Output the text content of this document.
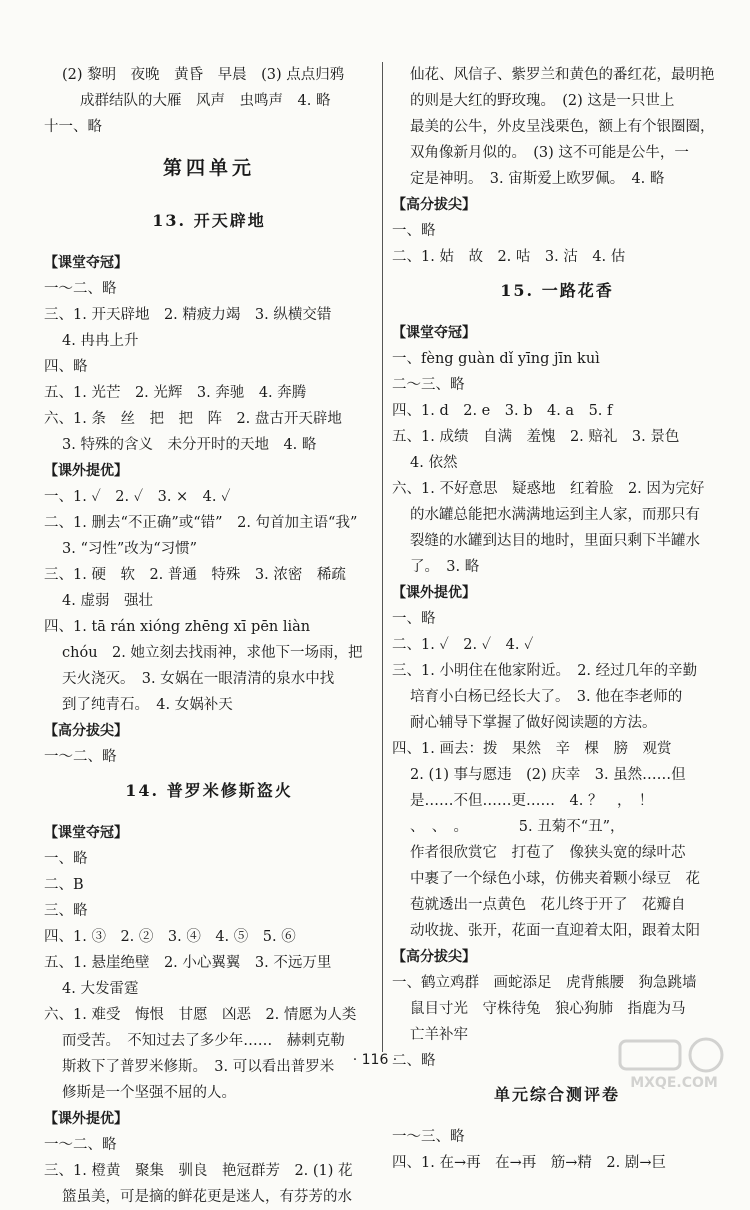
(2) 黎明　夜晚　黄昏　早晨　(3) 点点归鸦
成群结队的大雁　风声　虫鸣声　4. 略
十一、略
第四单元
13. 开天辟地
【课堂夺冠】
一～二、略
三、1. 开天辟地　2. 精疲力竭　3. 纵横交错
4. 冉冉上升
四、略
五、1. 光芒　2. 光辉　3. 奔驰　4. 奔腾
六、1. 条　丝　把　把　阵　2. 盘古开天辟地
3. 特殊的含义　未分开时的天地　4. 略
【课外提优】
一、1. ✓　2. ✓　3. ×　4. ✓
二、1. 删去“不正确”或“错”　2. 句首加主语“我”
3. “习性”改为“习惯”
三、1. 硬　软　2. 普通　特殊　3. 浓密　稀疏
4. 虚弱　强壮
四、1. tā rán xióng zhēng xī pēn liàn
chóu　2. 她立刻去找雨神，求他下一场雨，把
天火浇灭。　3. 女娲在一眼清清的泉水中找
到了纯青石。　4. 女娲补天
【高分拔尖】
一～二、略
14. 普罗米修斯盗火
【课堂夺冠】
一、略
二、B
三、略
四、1. ③　2. ②　3. ④　4. ⑤　5. ⑥
五、1. 悬崖绝壁　2. 小心翼翼　3. 不远万里
4. 大发雷霆
六、1. 难受　悔恨　甘愿　凶恶　2. 情愿为人类
而受苦。　不知过去了多少年……　赫剌克勒
斯救下了普罗米修斯。　3. 可以看出普罗米
修斯是一个坚强不屈的人。
【课外提优】
一～二、略
三、1. 橙黄　聚集　驯良　艳冠群芳　2. (1) 花
篮虽美，可是摘的鲜花更是迷人，有芬芳的水
仙花、风信子、紫罗兰和黄色的番红花，最明艳
的则是大红的野玫瑰。　(2) 这是一只世上
最美的公牛，外皮呈浅栗色，额上有个银圈圈，
双角像新月似的。　(3) 这不可能是公牛，一
定是神明。　3. 宙斯爱上欧罗佩。　4. 略
【高分拔尖】
一、略
二、1. 姑　故　2. 咕　3. 沽　4. 估
15. 一路花香
【课堂夺冠】
一、fèng guàn dǐ yīng jīn kuì
二～三、略
四、1. d　2. e　3. b　4. a　5. f
五、1. 成绩　自满　羞愧　2. 赔礼　3. 景色
4. 依然
六、1. 不好意思　疑惑地　红着脸　2. 因为完好
的水罐总能把水满满地运到主人家，而那只有
裂缝的水罐到达目的地时，里面只剩下半罐水
了。　3. 略
【课外提优】
一、略
二、1. ✓　2. ✓　4. ✓
三、1. 小明住在他家附近。　2. 经过几年的辛勤
培育小白杨已经长大了。　3. 他在李老师的
耐心辅导下掌握了做好阅读题的方法。
四、1. 画去：拨　果然　辛　棵　膀　观赏
2. (1) 事与愿违　(2) 庆幸　3. 虽然……但
是……不但……更……　4. ？　，　！
、　、　。　　　　5. 丑菊不“丑”，
作者很欣赏它　打苞了　像狭头宽的绿叶芯
中裹了一个绿色小球，仿佛夹着颗小绿豆　花
苞就透出一点黄色　花儿终于开了　花瓣自
动收拢、张开，花面一直迎着太阳，跟着太阳
【高分拔尖】
一、鹤立鸡群　画蛇添足　虎背熊腰　狗急跳墙
鼠目寸光　守株待兔　狼心狗肺　指鹿为马
亡羊补牢
二、略
单元综合测评卷
一～三、略
四、1. 在→再　在→再　筋→精　2. 剧→巨
· 116 ·
MXQE.COM
